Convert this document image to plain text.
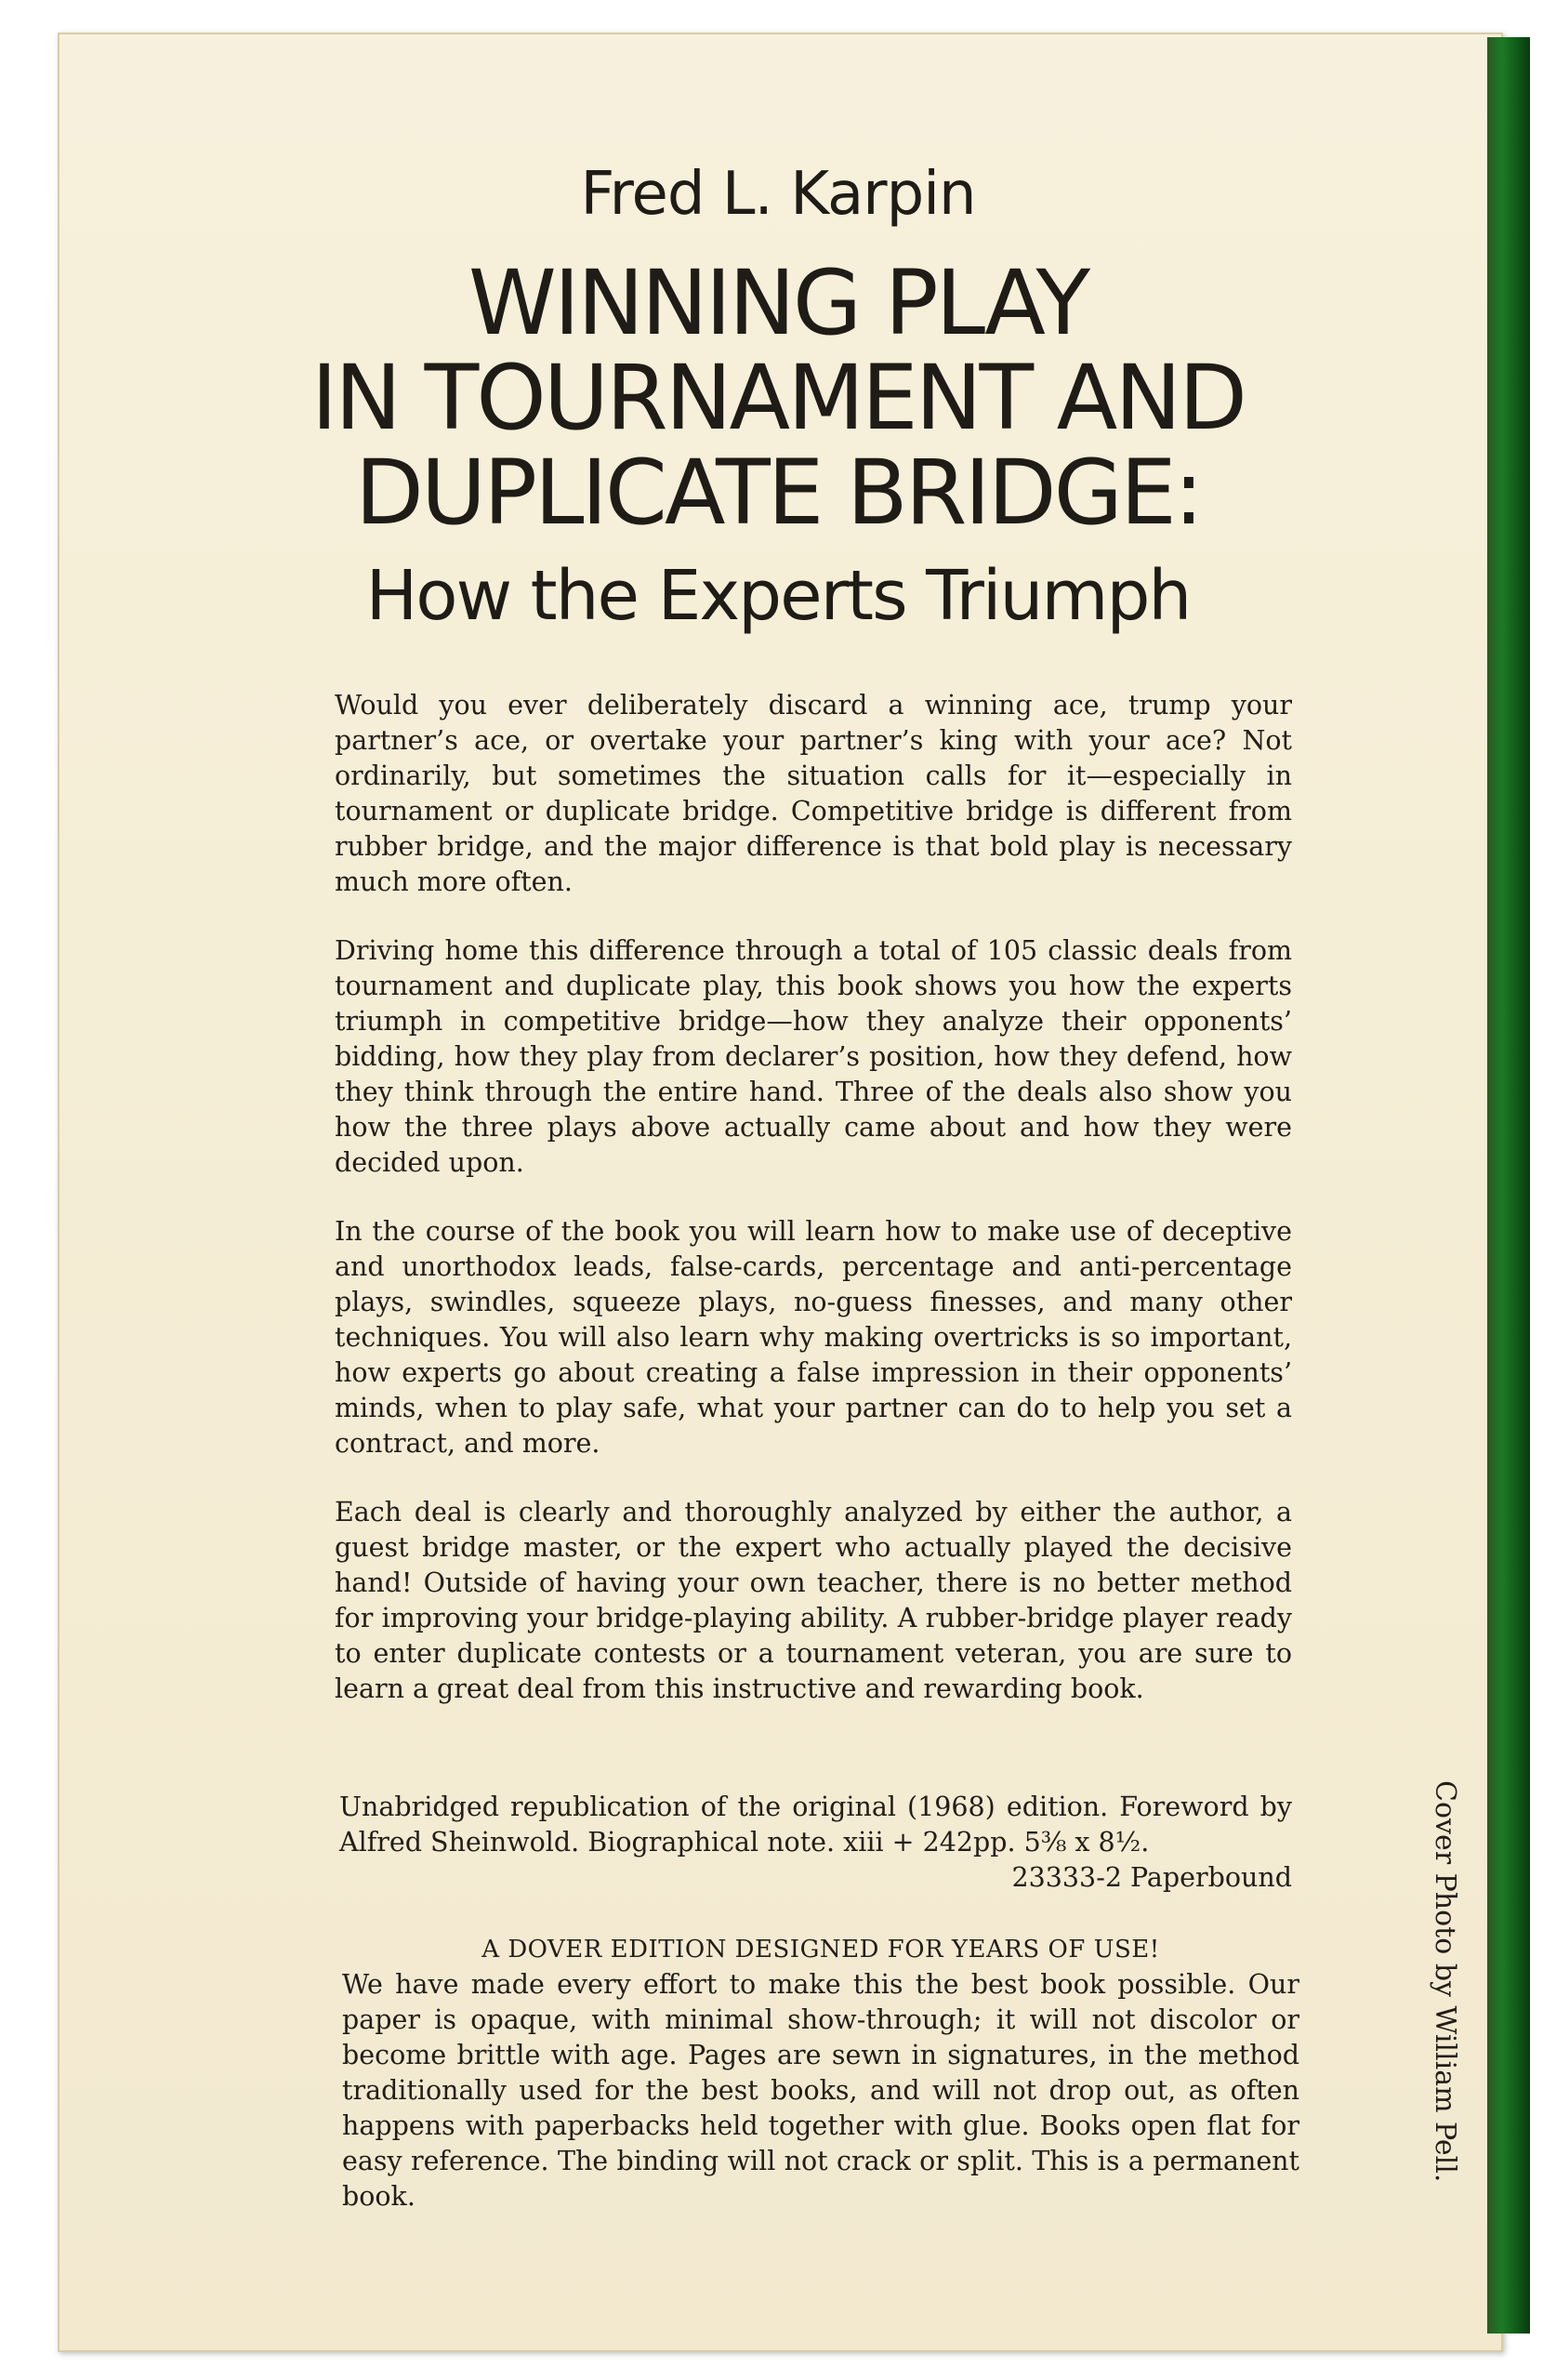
Fred L. Karpin
WINNING PLAY
IN TOURNAMENT AND
DUPLICATE BRIDGE:
How the Experts Triumph

Would you ever deliberately discard a winning ace, trump your partner’s ace, or overtake your partner’s king with your ace? Not ordinarily, but sometimes the situation calls for it—especially in tournament or duplicate bridge. Competitive bridge is different from rubber bridge, and the major difference is that bold play is necessary much more often.

Driving home this difference through a total of 105 classic deals from tournament and duplicate play, this book shows you how the experts triumph in competitive bridge—how they analyze their opponents’ bidding, how they play from declarer’s position, how they defend, how they think through the entire hand. Three of the deals also show you how the three plays above actually came about and how they were decided upon.

In the course of the book you will learn how to make use of deceptive and unorthodox leads, false-cards, percentage and anti-percentage plays, swindles, squeeze plays, no-guess finesses, and many other techniques. You will also learn why making overtricks is so important, how experts go about creating a false impression in their opponents’ minds, when to play safe, what your partner can do to help you set a contract, and more.

Each deal is clearly and thoroughly analyzed by either the author, a guest bridge master, or the expert who actually played the decisive hand! Outside of having your own teacher, there is no better method for improving your bridge-playing ability. A rubber-bridge player ready to enter duplicate contests or a tournament veteran, you are sure to learn a great deal from this instructive and rewarding book.

Unabridged republication of the original (1968) edition. Foreword by Alfred Sheinwold. Biographical note. xiii + 242pp. 5⅜ x 8½.
23333-2 Paperbound
A DOVER EDITION DESIGNED FOR YEARS OF USE!
We have made every effort to make this the best book possible. Our paper is opaque, with minimal show-through; it will not discolor or become brittle with age. Pages are sewn in signatures, in the method traditionally used for the best books, and will not drop out, as often happens with paperbacks held together with glue. Books open flat for easy reference. The binding will not crack or split. This is a permanent book.
Cover Photo by William Pell.
